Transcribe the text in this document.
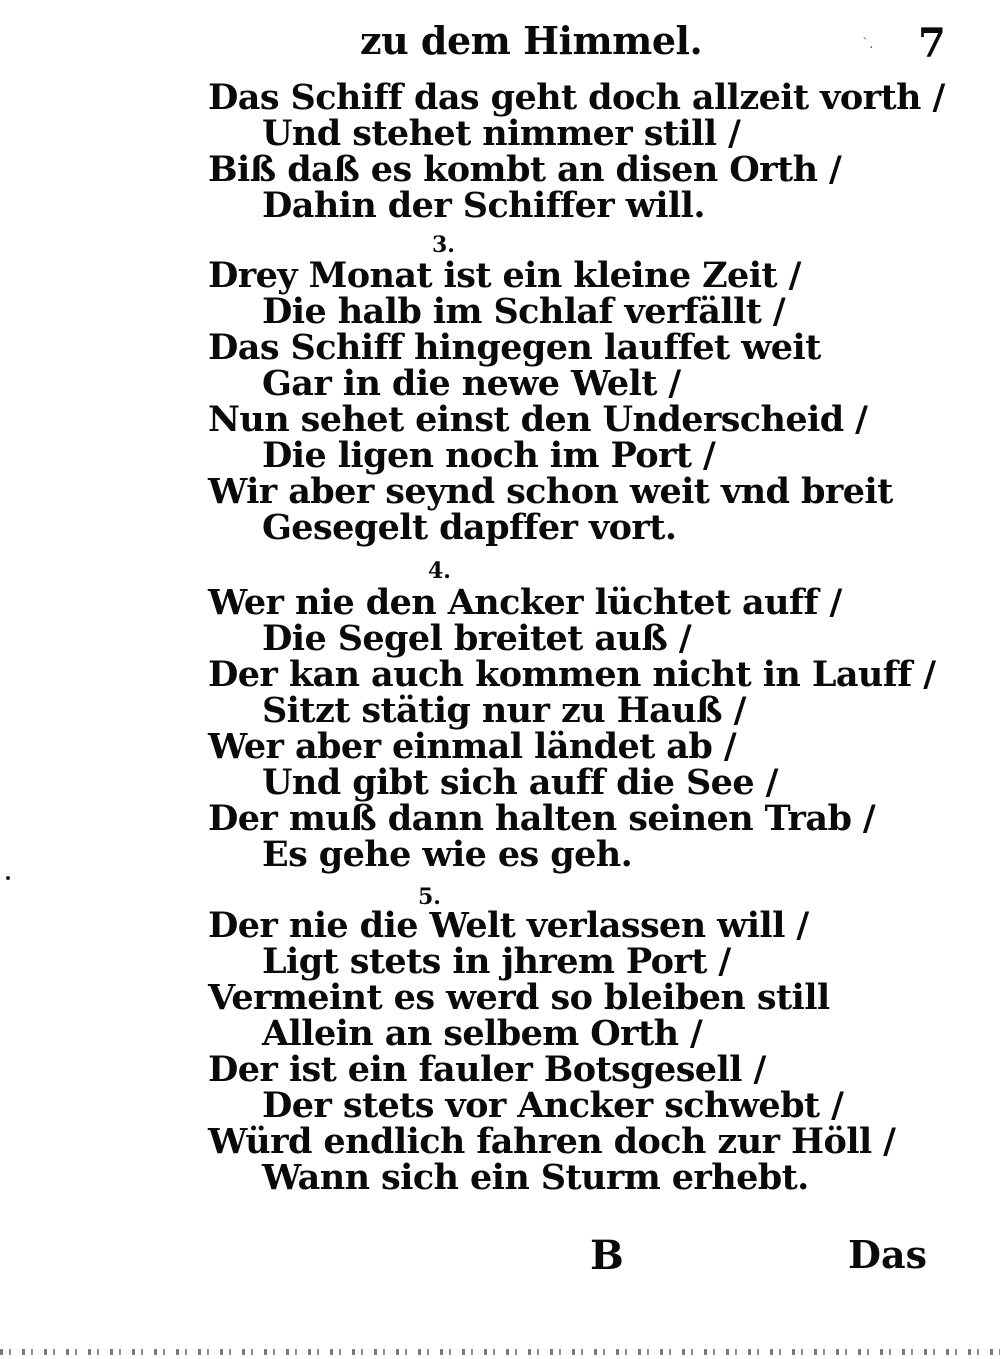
zu dem Himmel.	ˋ. 7
Das Schiff das geht doch allzeit vorth /
Und stehet nimmer still /
Biß daß es kombt an disen Orth /
Dahin der Schiffer will.
3.
Drey Monat ist ein kleine Zeit /
Die halb im Schlaf verfällt /
Das Schiff hingegen lauffet weit
Gar in die newe Welt /
Nun sehet einst den Underscheid /
Die ligen noch im Port /
Wir aber seynd schon weit vnd breit
Gesegelt dapffer vort.
4.
Wer nie den Ancker lüchtet auff /
Die Segel breitet auß /
Der kan auch kommen nicht in Lauff /
Sitzt stätig nur zu Hauß /
Wer aber einmal ländet ab /
Und gibt sich auff die See /
Der muß dann halten seinen Trab /
Es gehe wie es geh.
5.
Der nie die Welt verlassen will /
Ligt stets in jhrem Port /
Vermeint es werd so bleiben still
Allein an selbem Orth /
Der ist ein fauler Botsgesell /
Der stets vor Ancker schwebt /
Würd endlich fahren doch zur Höll /
Wann sich ein Sturm erhebt.
B	Das
